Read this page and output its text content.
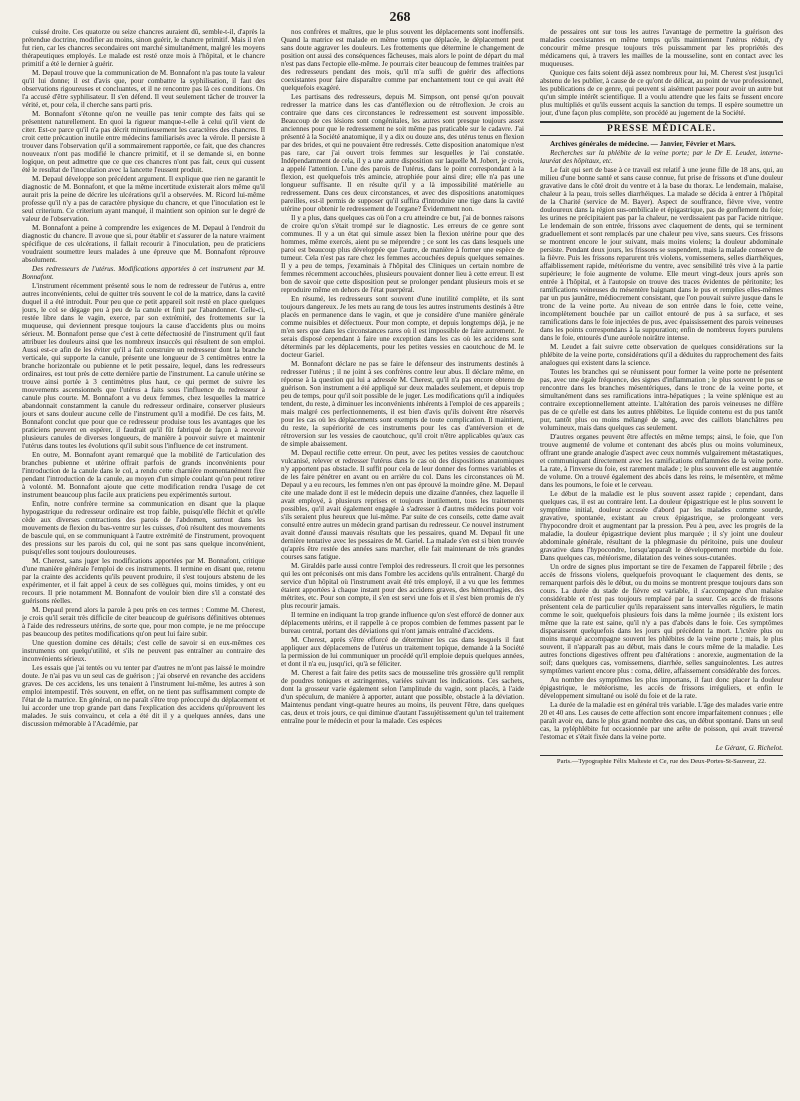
268

cuissé droite. Ces quatorze ou seize chancres auraient dû, semble-t-il, d'après la prétendue doctrine, modifier au moins, sinon guérir, le chancre primitif. Mais il n'en fut rien, car les chancres secondaires ont marché simultanément, malgré les moyens thérapeutiques employés. Le malade est resté onze mois à l'hôpital, et le chancre primitif a été le dernier à guérir.

M. Depaul trouve que la communication de M. Bonnafont n'a pas toute la valeur qu'il lui donne; il est d'avis que, pour combattre la syphilisation, il faut des observations rigoureuses et concluantes, et il ne rencontre pas là ces conditions. On l'a accusé d'être syphilisateur. Il s'en défend. Il veut seulement tâcher de trouver la vérité, et, pour cela, il cherche sans parti pris.

M. Bonnafont s'étonne qu'on ne veuille pas tenir compte des faits qui se présentent naturellement. En quoi la rigueur manque-t-elle à celui qu'il vient de citer. Est-ce parce qu'il n'a pas décrit minutieusement les caractères des chancres. Il croit cette précaution inutile entre médecins familiarisés avec la vérole. Il persiste à trouver dans l'observation qu'il a sommairement rapportée, ce fait, que des chancres nouveaux n'ont pas modifié le chancre primitif, et il se demande si, en bonne logique, on peut admettre que ce que ces chancres n'ont pas fait, ceux qui cussent été le resultat de l'inoculation avec la lancette l'eussent produit.

M. Depaul développe son précédent argument. Il explique que rien ne garantit le diagnostic de M. Bonnafont, et que la même incertitude existerait alors même qu'il aurait pris la peine de décrire les ulcérations qu'il a observées. M. Ricord lui-même professe qu'il n'y a pas de caractère physique du chancre, et que l'inoculation est le seul criterium. Ce criterium ayant manqué, il maintient son opinion sur le degré de valeur de l'observation.

M. Bonnafont a peine à comprendre les exigences de M. Depaul à l'endroit du diagnostic du chancre. Il avoue que si, pour établir et s'assurer de la nature vraiment spécifique de ces ulcérations, il fallait recourir à l'inoculation, peu de praticiens voudraient soumettre leurs malades à une épreuve que M. Bonnafont réprouve absolument.

Des redresseurs de l'utérus. Modifications apportées à cet instrument par M. Bonnafont.

L'instrument récemment présenté sous le nom de redresseur de l'utérus a, entre autres inconvénients, celui de quitter très souvent le col de la matrice, dans la cavité duquel il a été introduit. Pour peu que ce petit appareil soit resté en place quelques jours, le col se dégage peu à peu de la canule et finit par l'abandonner. Celle-ci, restée libre dans le vagin, exerce, par son extrémité, des frottements sur la muqueuse, qui deviennent presque toujours la cause d'accidents plus ou moins sérieux. M. Bonnafont pense que c'est à cette défectuosité de l'instrument qu'il faut attribuer les douleurs ainsi que les nombreux insuccès qui résultent de son emploi. Aussi est-ce afin de les éviter qu'il a fait construire un redresseur dont la branche verticale, qui supporte la canule, présente une longueur de 3 centimètres entre la branche horizontale ou pubienne et le petit pessaire, lequel, dans les redresseurs ordinaires, est tout près de cette dernière partie de l'instrument. La canule utérine se trouve ainsi portée à 3 centimètres plus haut, ce qui permet de suivre les mouvements ascensionnels que l'utérus a faits sous l'influence du redresseur à canule plus courte. M. Bonnafont a vu deux femmes, chez lesquelles la matrice abandonnait constamment la canule du redresseur ordinaire, conserver plusieurs jours et sans douleur aucune celle de l'instrument qu'il a modifié. De ces faits, M. Bonnafont conclut que pour que ce redresseur produise tous les avantages que les praticiens peuvent en espérer, il faudrait qu'il fût fabriqué de façon à recevoir plusieurs canules de diverses longueurs, de manière à pouvoir suivre et maintenir l'utérus dans toutes les évolutions qu'il subit sous l'influence de cet instrument.

En outre, M. Bonnafont ayant remarqué que la mobilité de l'articulation des branches pubienne et utérine offrait parfois de grands inconvénients pour l'introduction de la canule dans le col, a rendu cette charnière momentanément fixe pendant l'introduction de la canule, au moyen d'un simple coulant qu'on peut retirer à volonté. M. Bonnafont ajoute que cette modification rendra l'usage de cet instrument beaucoup plus facile aux praticiens peu expérimentés surtout.

Enfin, notre confrère termine sa communication en disant que la plaque hypogastrique du redresseur ordinaire est trop faible, puisqu'elle fléchit et qu'elle cède aux diverses contractions des parois de l'abdomen, surtout dans les mouvements de flexion du bas-ventre sur les cuisses, d'où résultent des mouvements de bascule qui, en se communiquant à l'autre extrémité de l'instrument, provoquent des pressions sur les parois du col, qui ne sont pas sans quelque inconvénient, puisqu'elles sont toujours douloureuses.

M. Cherest, sans juger les modifications apportées par M. Bonnafont, critique d'une manière générale l'emploi de ces instruments. Il termine en disant que, retenu par la crainte des accidents qu'ils peuvent produire, il s'est toujours abstenu de les expérimenter, et il fait appel à ceux de ses collègues qui, moins timides, y ont eu recours. Il prie notamment M. Bonnafont de vouloir bien dire s'il a constaté des guérisons réelles.

M. Depaul prend alors la parole à peu près en ces termes : Comme M. Cherest, je crois qu'il serait très difficile de citer beaucoup de guérisons définitives obtenues à l'aide des redresseurs utérins, de sorte que, pour mon compte, je ne me préoccupe pas beaucoup des petites modifications qu'on peut lui faire subir.

Une question domine ces détails; c'est celle de savoir si en eux-mêmes ces instruments ont quelqu'utilité, et s'ils ne peuvent pas entraîner au contraire des inconvénients sérieux.

Les essais que j'ai tentés ou vu tenter par d'autres ne m'ont pas laissé le moindre doute. Je n'ai pas vu un seul cas de guérison ; j'ai observé en revanche des accidens graves. De ces accidens, les uns tenaient à l'instrument lui-même, les autres à son emploi intempestif. Très souvent, en effet, on ne tient pas suffisamment compte de l'état de la matrice. En général, on ne paraît s'être trop préoccupé du déplacement et lui accorder une trop grande part dans l'explication des accidens qu'éprouvent les malades. Je suis convaincu, et cela a été dit il y a quelques années, dans une discussion mémorable à l'Académie, par

nos confrères et maîtres, que le plus souvent les déplacements sont inoffensifs. Quand la matrice est malade en même temps que déplacée, le déplacement peut sans doute aggraver les douleurs. Les frottements que détermine le changement de position ont aussi des conséquences fâcheuses, mais alors le point de départ du mal n'est pas dans l'ectopie elle-même. Je pourrais citer beaucoup de femmes traitées par des redresseurs pendant des mois, qu'il m'a suffi de guérir des affections coexistantes pour faire disparaître comme par enchantement tout ce qui avait été quelquefois exagéré.

Les partisans des redresseurs, depuis M. Simpson, ont pensé qu'on pouvait redresser la matrice dans les cas d'antéflexion ou de rétroflexion. Je crois au contraire que dans ces circonstances le redressement est souvent impossible. Beaucoup de ces lésions sont congénitales, les autres sont presque toujours assez anciennes pour que le redressement ne soit même pas praticable sur le cadavre. J'ai présenté à la Société anatomique, il y a dix ou douze ans, des utérus tenus en flexion par des brides, et qui ne pouvaient être redressés. Cette disposition anatomique n'est pas rare, car j'ai ouvert trois femmes sur lesquelles je l'ai constatée. Indépendamment de cela, il y a une autre disposition sur laquelle M. Jobert, je crois, a appelé l'attention. L'une des parois de l'utérus, dans le point correspondant à la flexion, est quelquefois très amincie, atrophiée pour ainsi dire; elle n'a pas une longueur suffisante. Il en résulte qu'il y a là impossibilité matérielle au redressement. Dans ces deux circonstances, et avec des dispositions anatomiques pareilles, est-il permis de supposer qu'il suffira d'introduire une tige dans la cavité utérine pour obtenir le redressement de l'organe? Évidemment non.

Il y a plus, dans quelques cas où l'on a cru atteindre ce but, j'ai de bonnes raisons de croire qu'on s'était trompé sur le diagnostic. Les erreurs de ce genre sont communes. Il y a un état qui simule assez bien la flexion utérine pour que des hommes, même exercés, aient pu se méprendre ; ce sont les cas dans lesquels une paroi est beaucoup plus développée que l'autre, de manière à former une espèce de tumeur. Cela n'est pas rare chez les femmes accouchées depuis quelques semaines. Il y a peu de temps, j'examinais à l'hôpital des Cliniques un certain nombre de femmes récemment accouchées, plusieurs pouvaient donner lieu à cette erreur. Il est bon de savoir que cette disposition peut se prolonger pendant plusieurs mois et se reproduire même en dehors de l'état puerpéral.

En résumé, les redresseurs sont souvent d'une inutilité complète, et ils sont toujours dangereux. Je les mets au rang de tous les autres instruments destinés à être placés en permanence dans le vagin, et que je considère d'une manière générale comme nuisibles et défectueux. Pour mon compte, et depuis longtemps déjà, je ne m'en sers que dans les circonstances rares où il est impossible de faire autrement. Je serais disposé cependant à faire une exception dans les cas où les accidens sont déterminés par les déplacements, pour les petites vessies en caoutchouc de M. le docteur Gariel.

M. Bonnafont déclare ne pas se faire le défenseur des instruments destinés à redresser l'utérus ; il ne joint à ses confrères contre leur abus. Il déclare même, en réponse à la question qui lui a adressée M. Cherest, qu'il n'a pas encore obtenu de guérison. Son instrument a été appliqué sur deux malades seulement, et depuis trop peu de temps, pour qu'il soit possible de le juger. Les modifications qu'il a indiquées tendent, du reste, à diminuer les inconvénients inhérents à l'emploi de ces appareils ; mais malgré ces perfectionnements, il est bien d'avis qu'ils doivent être réservés pour les cas où les déplacements sont exempts de toute complication. Il maintient, du reste, la supériorité de ces instruments pour les cas d'antéversion et de rétroversion sur les vessies de caoutchouc, qu'il croit n'être applicables qu'aux cas de simple abaissement.

M. Depaul rectifie cette erreur. On peut, avec les petites vessies de caoutchouc vulcanisé, relever et redresser l'utérus dans le cas où des dispositions anatomiques n'y apportent pas obstacle. Il suffit pour cela de leur donner des formes variables et de les faire pénétrer en avant ou en arrière du col. Dans les circonstances où M. Depaul y a eu recours, les femmes n'en ont pas éprouvé la moindre gêne. M. Depaul cite une malade dont il est le médecin depuis une dizaine d'années, chez laquelle il avait employé, à plusieurs reprises et toujours inutilement, tous les traitements possibles, qu'il avait également engagée à s'adresser à d'autres médecins pour voir s'ils seraient plus heureux que lui-même. Par suite de ces conseils, cette dame avait consulté entre autres un médecin grand partisan du redresseur. Ce nouvel instrument avait donné d'aussi mauvais résultats que les pessaires, quand M. Depaul fit une dernière tentative avec les pessaires de M. Gariel. La malade s'en est si bien trouvée qu'après être restée des années sans marcher, elle fait maintenant de très grandes courses sans fatigue.

M. Giraldès parle aussi contre l'emploi des redresseurs. Il croit que les personnes qui les ont préconisés ont mis dans l'ombre les accidens qu'ils entraînent. Chargé du service d'un hôpital où l'instrument avait été très employé, il a vu que les femmes étaient apportées à chaque instant pour des accidens graves, des hémorrhagies, des métrites, etc. Pour son compte, il s'en est servi une fois et il s'est bien promis de n'y plus recourir jamais.

Il termine en indiquant la trop grande influence qu'on s'est efforcé de donner aux déplacements utérins, et il rappelle à ce propos combien de femmes passent par le bureau central, portant des déviations qui n'ont jamais entraîné d'accidens.

M. Cherest, après s'être efforcé de déterminer les cas dans lesquels il faut appliquer aux déplacemens de l'utérus un traitement topique, demande à la Société la permission de lui communiquer un procédé qu'il emploie depuis quelques années, et dont il n'a eu, jusqu'ici, qu'à se féliciter.

M. Cherest a fait faire des petits sacs de mousseline très grossière qu'il remplit de poudres toniques et astringentes, variées suivant les indications. Ces sachets, dont la grosseur varie également selon l'amplitude du vagin, sont placés, à l'aide d'un spéculum, de manière à apporter, autant que possible, obstacle à la déviation. Maintenus pendant vingt-quatre heures au moins, ils peuvent l'être, dans quelques cas, deux et trois jours, ce qui diminue d'autant l'assujétissement qu'un tel traitement entraîne pour le médecin et pour la malade. Ces espèces

de pessaires ont sur tous les autres l'avantage de permettre la guérison des maladies coexistantes en même temps qu'ils maintiennent l'utérus réduit, d'y concourir même presque toujours très puissamment par les propriétés des médicamens qui, à travers les mailles de la mousseline, sont en contact avec les muqueuses.

Quoique ces faits soient déjà assez nombreux pour lui, M. Cherest s'est jusqu'ici abstenu de les publier, à cause de ce qu'ont de délicat, au point de vue professionnel, les publications de ce genre, qui peuvent si aisément passer pour avoir un autre but qu'un simple intérêt scientifique. Il a voulu attendre que les faits se fussent encore plus multipliés et qu'ils eussent acquis la sanction du temps. Il espère soumettre un jour, d'une façon plus complète, son procédé au jugement de la Société.

PRESSE MÉDICALE.

Archives générales de médecine. — Janvier, Février et Mars.

Recherches sur la phlébite de la veine porte; par le Dr E. Leudet, interne-lauréat des hôpitaux, etc.

Le fait qui sert de base à ce travail est relatif à une jeune fille de 18 ans, qui, au milieu d'une bonne santé et sans cause connue, fut prise de frissons et d'une douleur gravative dans le côté droit du ventre et à la base du thorax. Le lendemain, malaise, chaleur à la peau, trois selles diarrhéiques. La malade se décida à entrer à l'hôpital de la Charité (service de M. Bayer). Aspect de souffrance, fièvre vive, ventre douloureux dans la région sus-ombilicale et épigastrique, pas de gonflement du foie; les urines ne précipitaient pas par la chaleur, ne verdissaient pas par l'acide nitrique. Le lendemain de son entrée, frissons avec claquement de dents, qui se terminent graduellement et sont remplacés par une chaleur peu vive, sans sueurs. Ces frissons se montrent encore le jour suivant, mais moins violens; la douleur abdominale persiste. Pendant deux jours, les frissons se suspendent, mais la malade conserve de la fièvre. Puis les frissons reparurent très violens, vomissemens, selles diarrhéiques, affaiblissement rapide, météorisme du ventre, avec sensibilité très vive à la partie supérieure; le foie augmente de volume. Elle meurt vingt-deux jours après son entrée à l'hôpital, et à l'autopsie on trouve des traces évidentes de péritonite; les ramifications veineuses du mésentère baignant dans le pus et remplies elles-mêmes par un pus jaunâtre, médiocrement consistant, que l'on pouvait suivre jusque dans le tronc de la veine porte. Au niveau de son entrée dans le foie, cette veine, incomplètement bouchée par un caillot entouré de pus à sa surface, et ses ramifications dans le foie injectées de pus, avec épaississement des parois veineuses dans les points correspondans à la suppuration; enfin de nombreux foyers purulens dans le foie, entourés d'une auréole noirâtre intense.

M. Leudet a fait suivre cette observation de quelques considérations sur la phlébite de la veine porte, considérations qu'il a déduites du rapprochement des faits analogues qui existent dans la science.

Toutes les branches qui se réunissent pour former la veine porte ne présentent pas, avec une égale fréquence, des signes d'inflammation ; le plus souvent le pus se rencontre dans les branches mésentériques, dans le tronc de la veine porte, et simultanément dans ses ramifications intra-hépatiques ; la veine splénique est au contraire exceptionnellement atteinte. L'altération des parois veineuses ne diffère pas de ce qu'elle est dans les autres phlébites. Le liquide contenu est du pus tantôt pur, tantôt plus ou moins mélangé de sang, avec des caillots blanchâtres peu volumineux, mais dans quelques cas seulement.

D'autres organes peuvent être affectés en même temps; ainsi, le foie, que l'on trouve augmenté de volume et contenant des abcès plus ou moins volumineux, offrant une grande analogie d'aspect avec ceux nommés vulgairement métastatiques, et communiquant directement avec les ramifications enflammées de la veine porte. La rate, à l'inverse du foie, est rarement malade ; le plus souvent elle est augmentée de volume. On a trouvé également des abcès dans les reins, le mésentère, et même dans les poumons, le foie et le cerveau.

Le début de la maladie est le plus souvent assez rapide ; cependant, dans quelques cas, il est au contraire lent. La douleur épigastrique est le plus souvent le symptôme initial, douleur accusée d'abord par les malades comme sourde, gravative, spontanée, existant au creux épigastrique, se prolongeant vers l'hypocondre droit et augmentant par la pression. Peu à peu, avec les progrès de la maladie, la douleur épigastrique devient plus marquée ; il s'y joint une douleur abdominale générale, résultant de la phlegmasie du péritoine, puis une douleur gravative dans l'hypocondre, lorsqu'apparaît le développement morbide du foie. Dans quelques cas, météorisme, dilatation des veines sous-cutanées.

Un ordre de signes plus important se tire de l'examen de l'appareil fébrile ; des accès de frissons violens, quelquefois provoquant le claquement des dents, se remarquent parfois dès le début, ou du moins se montrent presque toujours dans son cours. La durée du stade de fièvre est variable, il s'accompagne d'un malaise considérable et n'est pas toujours remplacé par la sueur. Ces accès de frissons présentent cela de particulier qu'ils reparaissent sans intervalles réguliers, le matin comme le soir, quelquefois plusieurs fois dans la même journée ; ils existent lors même que la rate est saine, qu'il n'y a pas d'abcès dans le foie. Ces symptômes disparaissent quelquefois dans les jours qui précèdent la mort. L'ictère plus ou moins marqué accompagne souvent les phlébites de la veine porte ; mais, le plus souvent, il n'apparaît pas au début, mais dans le cours même de la maladie. Les autres fonctions digestives offrent peu d'altérations : anorexie, augmentation de la soif; dans quelques cas, vomissemens, diarrhée, selles sanguinolentes. Les autres symptômes varient encore plus : coma, délire, affaissement considérable des forces.

Au nombre des symptômes les plus importans, il faut donc placer la douleur épigastrique, le météorisme, les accès de frissons irréguliers, et enfin le développement simultané ou isolé du foie et de la rate.

La durée de la maladie est en général très variable. L'âge des malades varie entre 20 et 40 ans. Les causes de cette affection sont encore imparfaitement connues ; elle paraît avoir eu, dans le plus grand nombre des cas, un début spontané. Dans un seul cas, la pyléphlébite fut occasionnée par une arête de poisson, qui avait traversé l'estomac et s'était fixée dans la veine porte.

Le Gérant, G. Richelot.
Paris.—Typographie Félix Malteste et Ce, rue des Deux-Portes-St-Sauveur, 22.
